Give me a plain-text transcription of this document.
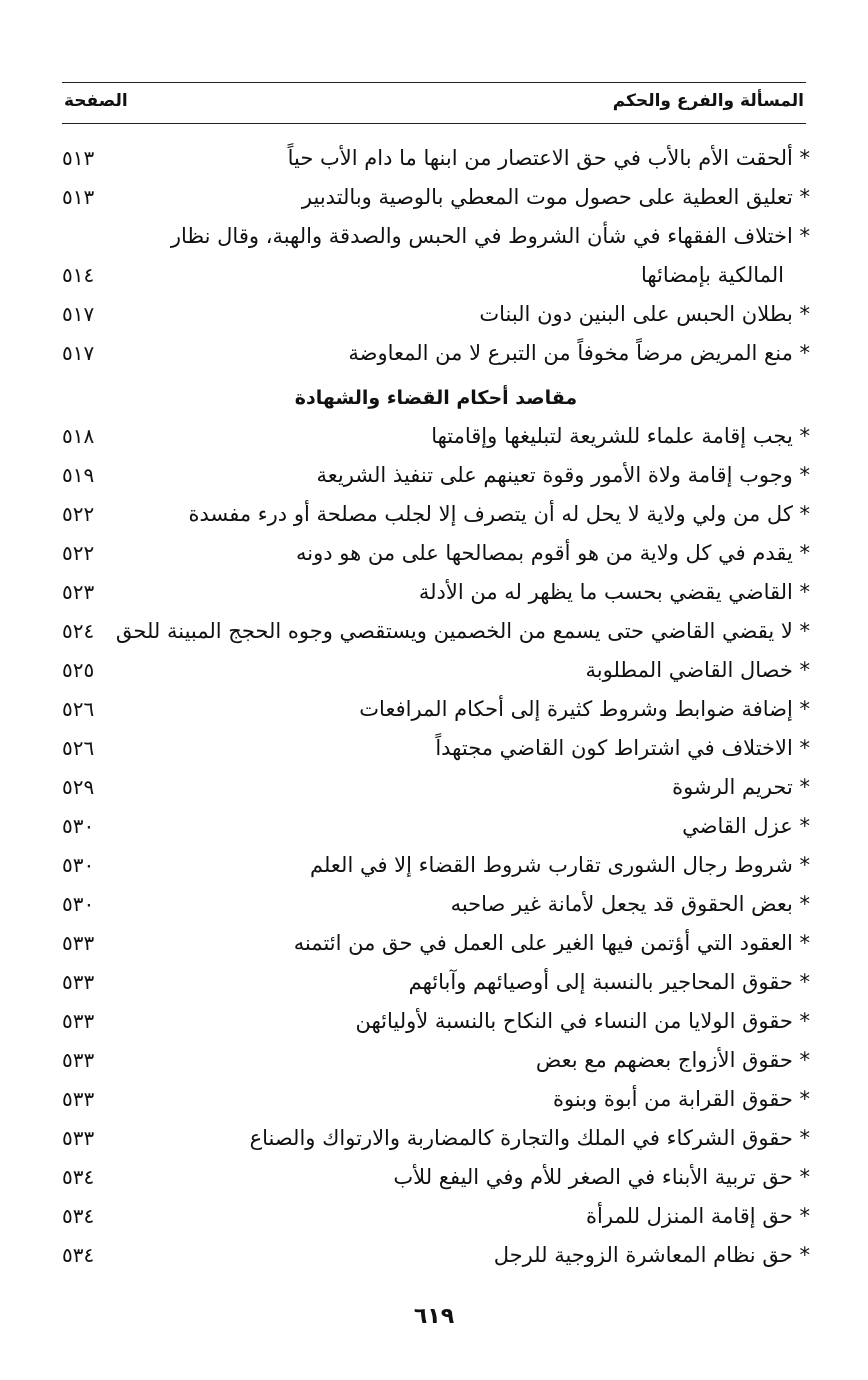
المسألة والفرع والحكم
الصفحة
* ألحقت الأم بالأب في حق الاعتصار من ابنها ما دام الأب حياً
٥١٣
* تعليق العطية على حصول موت المعطي بالوصية وبالتدبير
٥١٣
* اختلاف الفقهاء في شأن الشروط في الحبس والصدقة والهبة، وقال نظار
المالكية بإمضائها
٥١٤
* بطلان الحبس على البنين دون البنات
٥١٧
* منع المريض مرضاً مخوفاً من التبرع لا من المعاوضة
٥١٧
مقاصد أحكام القضاء والشهادة
* يجب إقامة علماء للشريعة لتبليغها وإقامتها
٥١٨
* وجوب إقامة ولاة الأمور وقوة تعينهم على تنفيذ الشريعة
٥١٩
* كل من ولي ولاية لا يحل له أن يتصرف إلا لجلب مصلحة أو درء مفسدة
٥٢٢
* يقدم في كل ولاية من هو أقوم بمصالحها على من هو دونه
٥٢٢
* القاضي يقضي بحسب ما يظهر له من الأدلة
٥٢٣
* لا يقضي القاضي حتى يسمع من الخصمين ويستقصي وجوه الحجج المبينة للحق
٥٢٤
* خصال القاضي المطلوبة
٥٢٥
* إضافة ضوابط وشروط كثيرة إلى أحكام المرافعات
٥٢٦
* الاختلاف في اشتراط كون القاضي مجتهداً
٥٢٦
* تحريم الرشوة
٥٢٩
* عزل القاضي
٥٣٠
* شروط رجال الشورى تقارب شروط القضاء إلا في العلم
٥٣٠
* بعض الحقوق قد يجعل لأمانة غير صاحبه
٥٣٠
* العقود التي أؤتمن فيها الغير على العمل في حق من ائتمنه
٥٣٣
* حقوق المحاجير بالنسبة إلى أوصيائهم وآبائهم
٥٣٣
* حقوق الولايا من النساء في النكاح بالنسبة لأوليائهن
٥٣٣
* حقوق الأزواج بعضهم مع بعض
٥٣٣
* حقوق القرابة من أبوة وبنوة
٥٣٣
* حقوق الشركاء في الملك والتجارة كالمضاربة والارتواك والصناع
٥٣٣
* حق تربية الأبناء في الصغر للأم وفي اليفع للأب
٥٣٤
* حق إقامة المنزل للمرأة
٥٣٤
* حق نظام المعاشرة الزوجية للرجل
٥٣٤
٦١٩
